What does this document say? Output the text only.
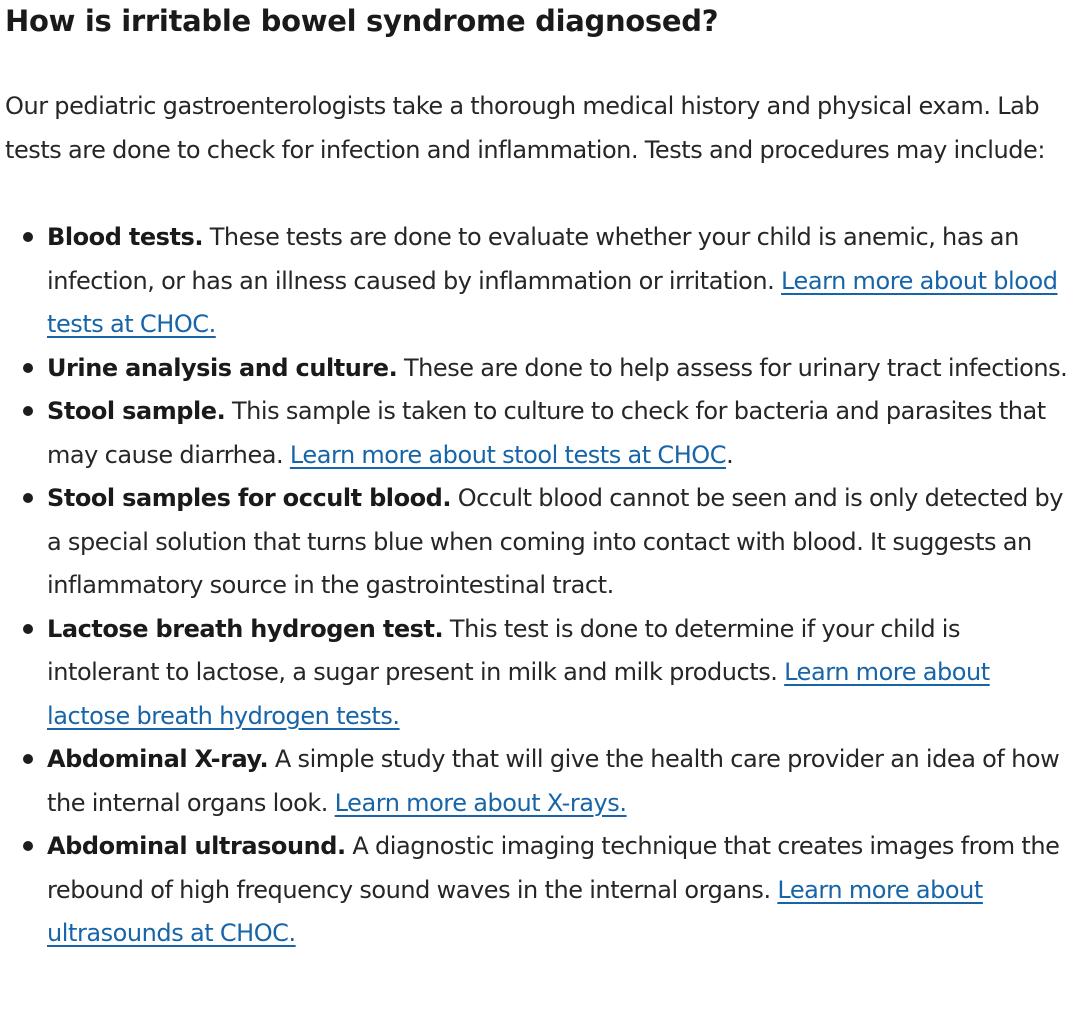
How is irritable bowel syndrome diagnosed?

Our pediatric gastroenterologists take a thorough medical history and physical exam. Lab tests are done to check for infection and inflammation. Tests and procedures may include:

Blood tests. These tests are done to evaluate whether your child is anemic, has an infection, or has an illness caused by inflammation or irritation. Learn more about blood tests at CHOC.
Urine analysis and culture. These are done to help assess for urinary tract infections.
Stool sample. This sample is taken to culture to check for bacteria and parasites that may cause diarrhea. Learn more about stool tests at CHOC.
Stool samples for occult blood. Occult blood cannot be seen and is only detected by a special solution that turns blue when coming into contact with blood. It suggests an inflammatory source in the gastrointestinal tract.
Lactose breath hydrogen test. This test is done to determine if your child is intolerant to lactose, a sugar present in milk and milk products. Learn more about lactose breath hydrogen tests.
Abdominal X-ray. A simple study that will give the health care provider an idea of how the internal organs look. Learn more about X-rays.
Abdominal ultrasound. A diagnostic imaging technique that creates images from the rebound of high frequency sound waves in the internal organs. Learn more about ultrasounds at CHOC.
